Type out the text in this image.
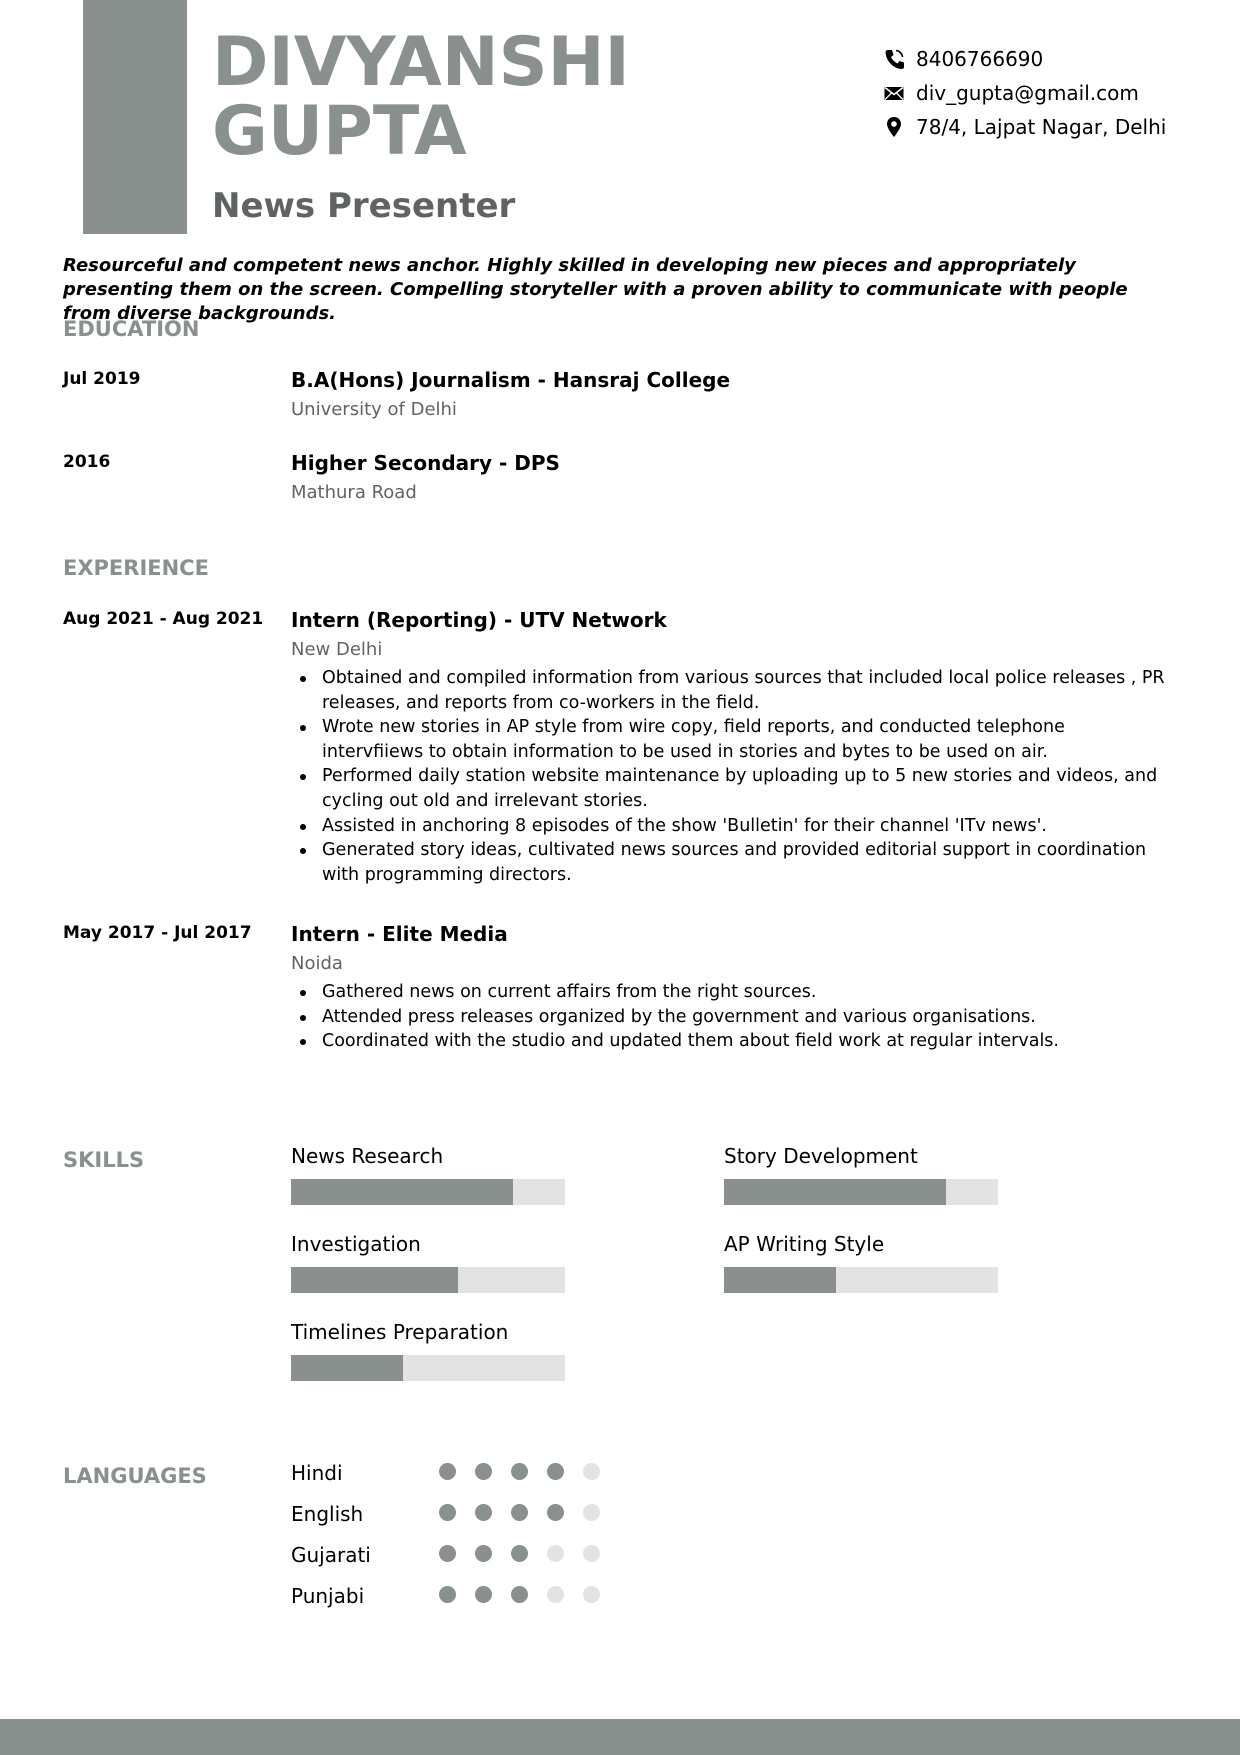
DIVYANSHI
GUPTA
News Presenter
8406766690
div_gupta@gmail.com
78/4, Lajpat Nagar, Delhi

Resourceful and competent news anchor. Highly skilled in developing new pieces and appropriately presenting them on the screen. Compelling storyteller with a proven ability to communicate with people from diverse backgrounds.

EDUCATION
Jul 2019	B.A(Hons) Journalism - Hansraj College
University of Delhi
2016	Higher Secondary - DPS
Mathura Road
EXPERIENCE
Aug 2021 - Aug 2021 Intern (Reporting) - UTV Network
New Delhi
Obtained and compiled information from various sources that included local police releases , PR releases, and reports from co-workers in the field.
Wrote new stories in AP style from wire copy, field reports, and conducted telephone intervfiiews to obtain information to be used in stories and bytes to be used on air.
Performed daily station website maintenance by uploading up to 5 new stories and videos, and cycling out old and irrelevant stories.
Assisted in anchoring 8 episodes of the show 'Bulletin' for their channel 'ITv news'.
Generated story ideas, cultivated news sources and provided editorial support in coordination with programming directors.
May 2017 - Jul 2017 Intern - Elite Media
Noida
Gathered news on current affairs from the right sources.
Attended press releases organized by the government and various organisations.
Coordinated with the studio and updated them about field work at regular intervals.
SKILLS	News Research	Story Development
Investigation	AP Writing Style
Timelines Preparation
LANGUAGES	Hindi
English
Gujarati
Punjabi
